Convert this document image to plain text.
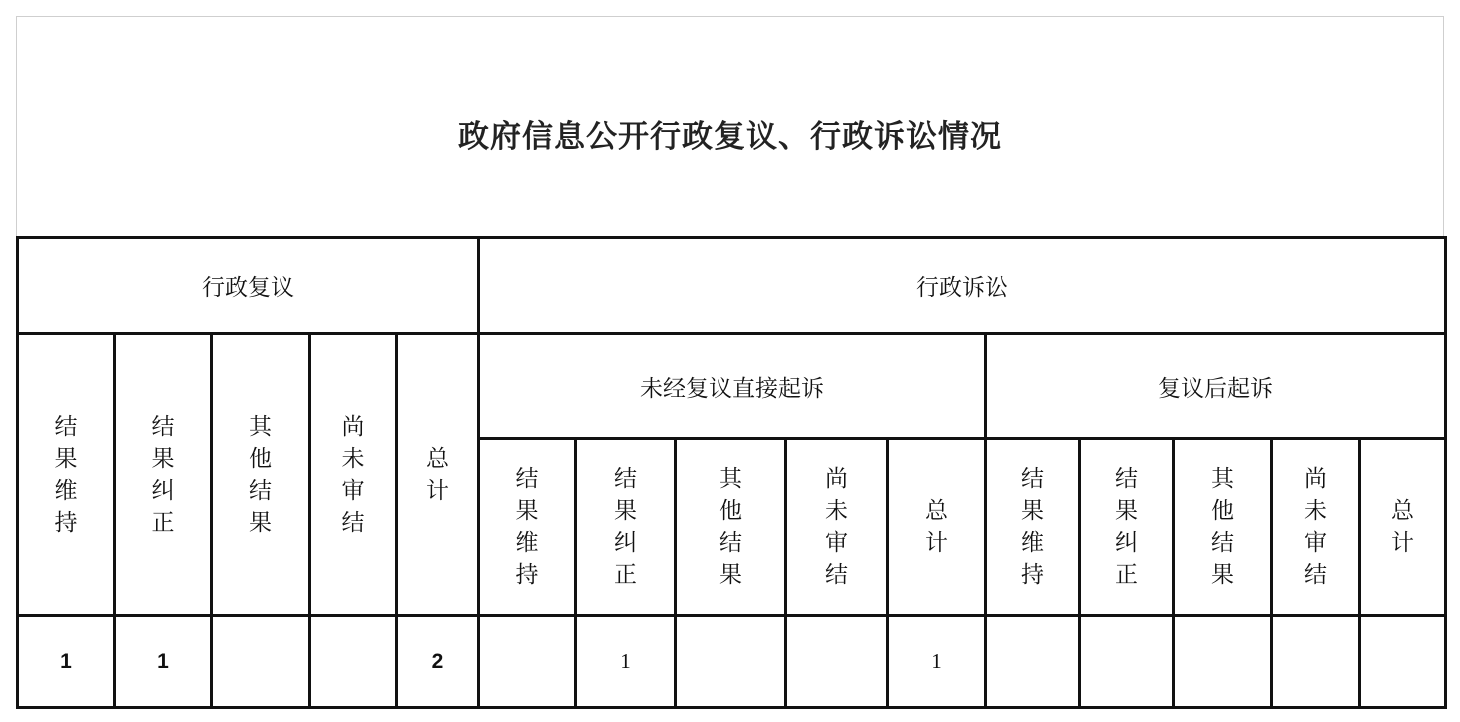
政府信息公开行政复议、行政诉讼情况
行政复议					行政诉讼									
结果维持	结果纠正	其他结果	尚未审结	总计	未经复议直接起诉					复议后起诉				
					结果维持	结果纠正	其他结果	尚未审结	总计	结果维持	结果纠正	其他结果	尚未审结	总计
1	1			2		1			1					
